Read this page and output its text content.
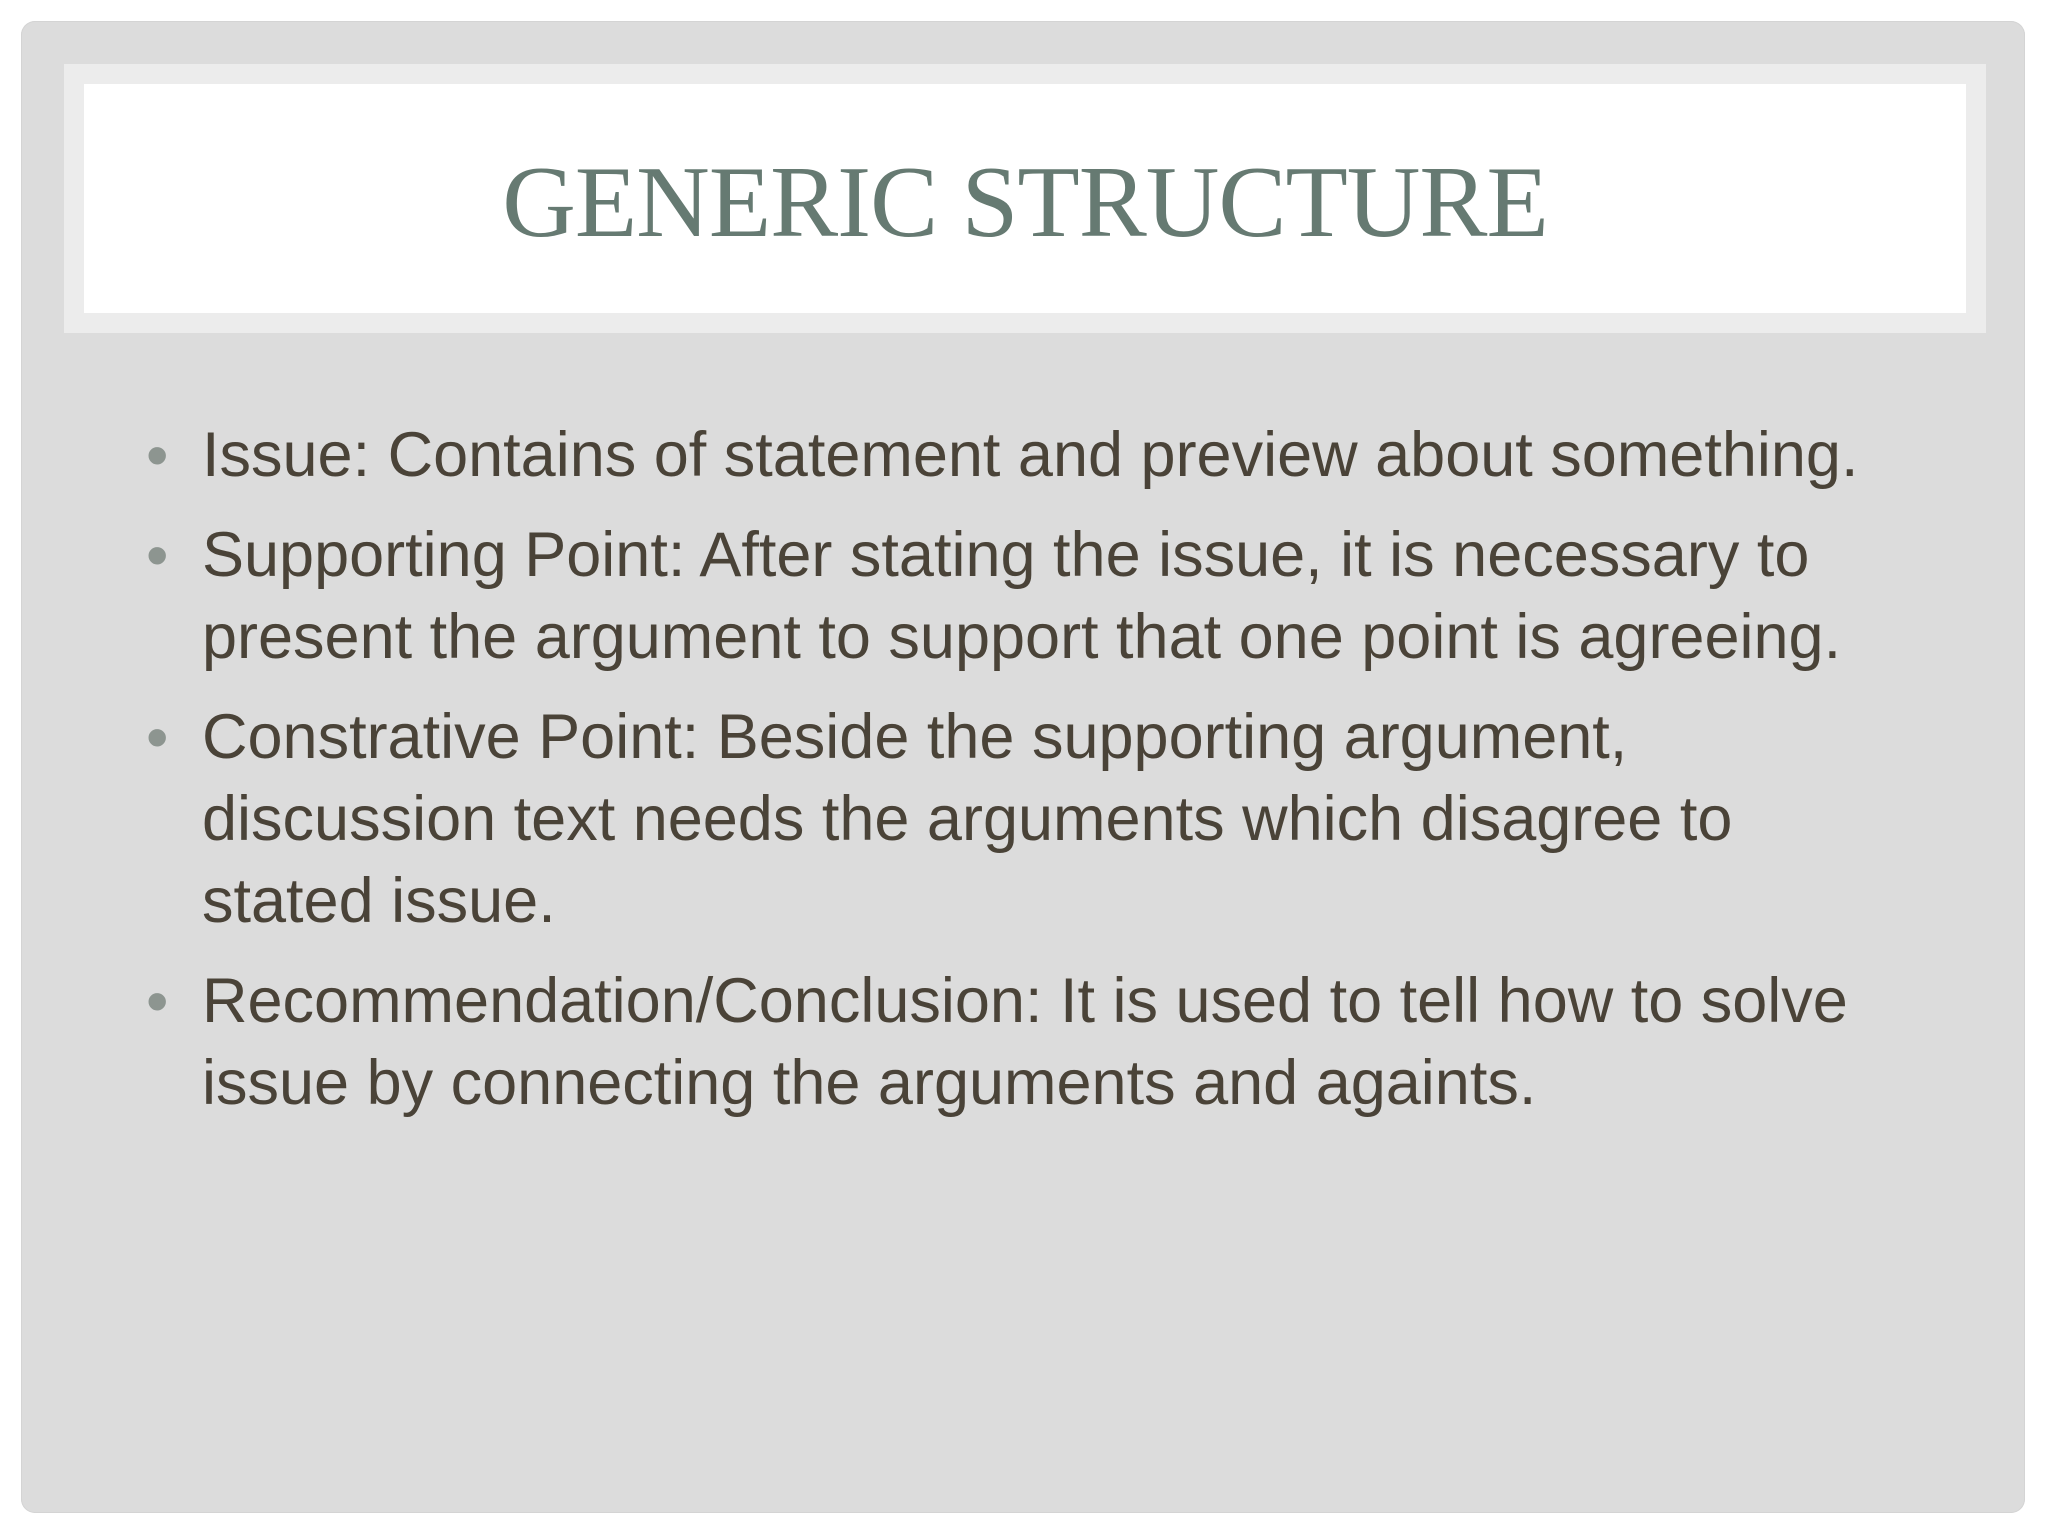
GENERIC STRUCTURE
• Issue: Contains of statement and preview about something.
• Supporting Point: After stating the issue, it is necessary to present the argument to support that one point is agreeing.
• Constrative Point: Beside the supporting argument, discussion text needs the arguments which disagree to stated issue.
• Recommendation/Conclusion: It is used to tell how to solve issue by connecting the arguments and againts.
